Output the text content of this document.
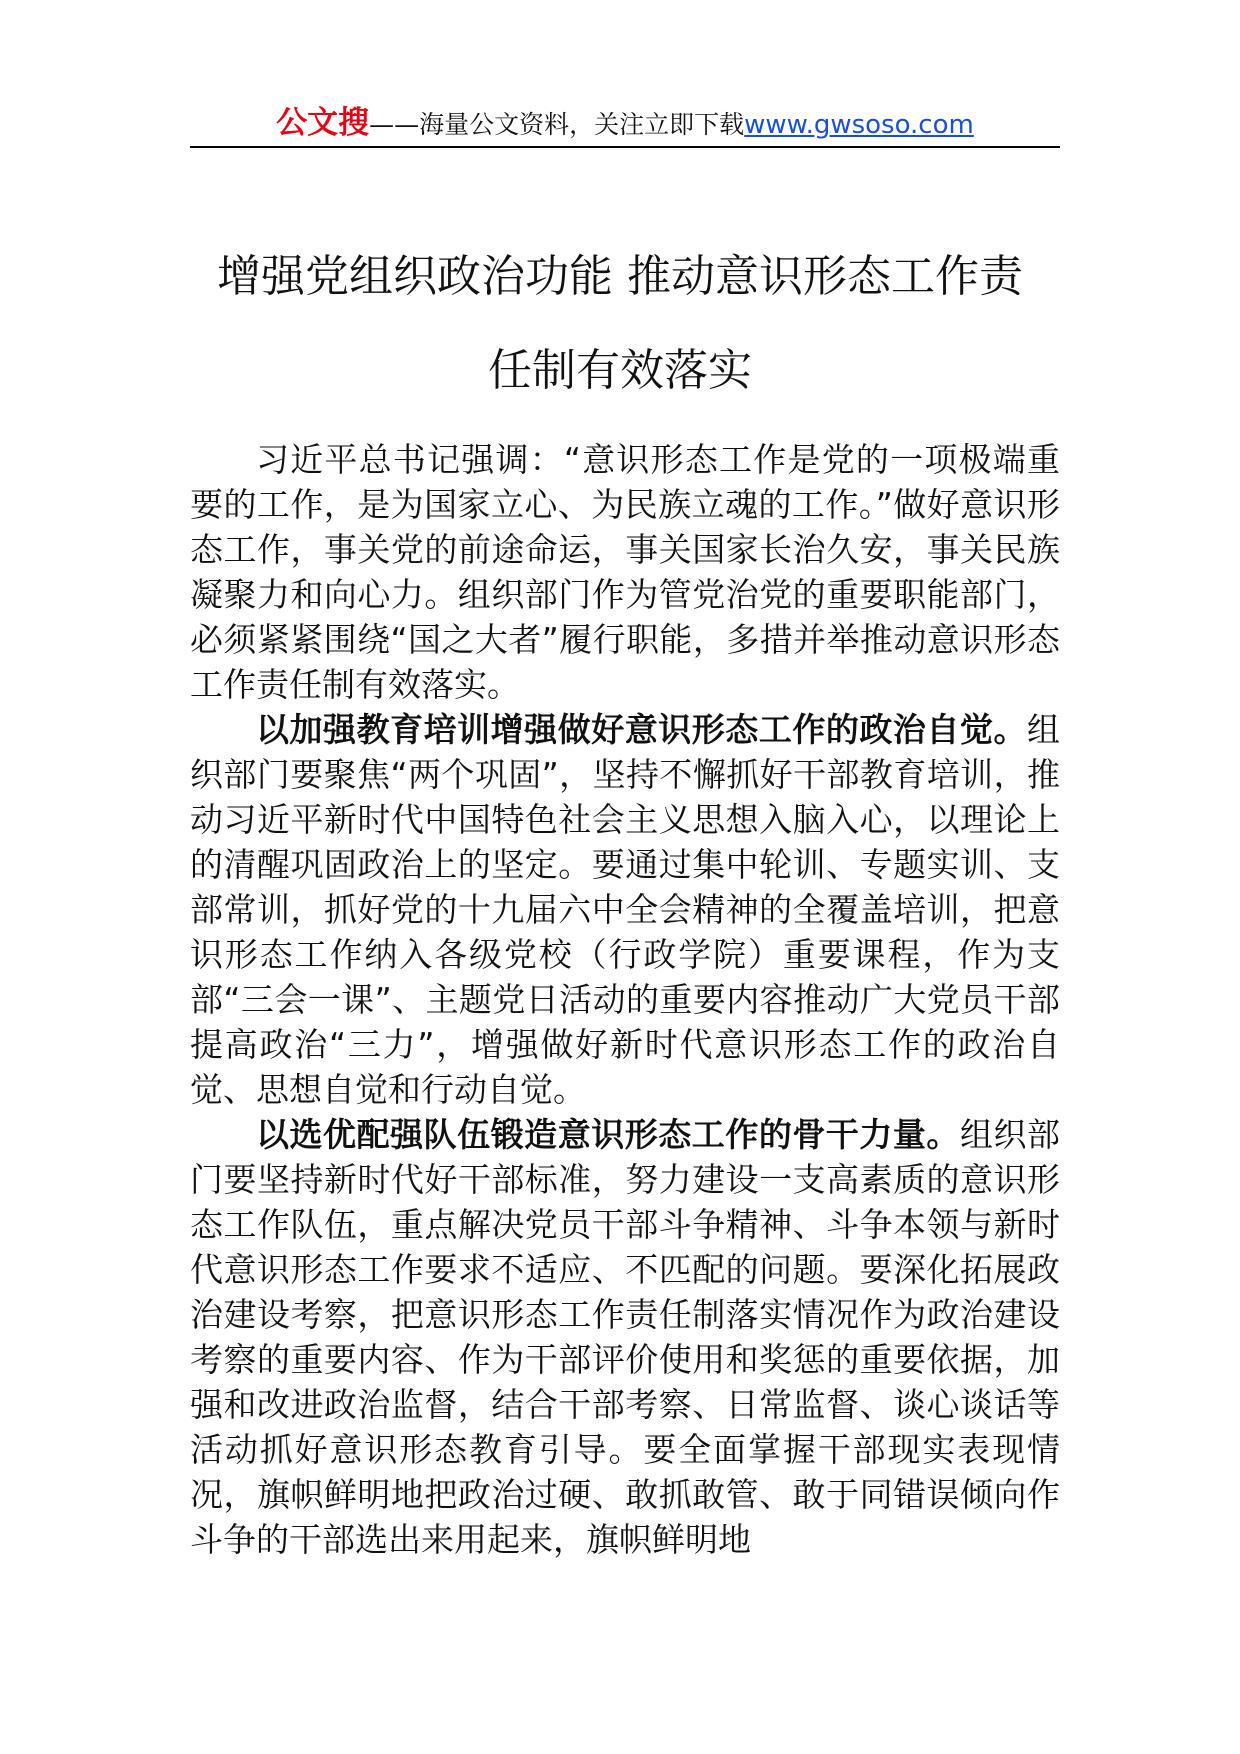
公文搜——海量公文资料，关注立即下载www.gwsoso.com
增强党组织政治功能 推动意识形态工作责
任制有效落实

习近平总书记强调：“意识形态工作是党的一项极端重要的工作，是为国家立心、为民族立魂的工作。”做好意识形态工作，事关党的前途命运，事关国家长治久安，事关民族凝聚力和向心力。组织部门作为管党治党的重要职能部门，必须紧紧围绕“国之大者”履行职能，多措并举推动意识形态工作责任制有效落实。

以加强教育培训增强做好意识形态工作的政治自觉。组织部门要聚焦“两个巩固”，坚持不懈抓好干部教育培训，推动习近平新时代中国特色社会主义思想入脑入心，以理论上的清醒巩固政治上的坚定。要通过集中轮训、专题实训、支部常训，抓好党的十九届六中全会精神的全覆盖培训，把意识形态工作纳入各级党校（行政学院）重要课程，作为支部“三会一课”、主题党日活动的重要内容推动广大党员干部提高政治“三力”，增强做好新时代意识形态工作的政治自觉、思想自觉和行动自觉。

以选优配强队伍锻造意识形态工作的骨干力量。组织部门要坚持新时代好干部标准，努力建设一支高素质的意识形态工作队伍，重点解决党员干部斗争精神、斗争本领与新时代意识形态工作要求不适应、不匹配的问题。要深化拓展政治建设考察，把意识形态工作责任制落实情况作为政治建设考察的重要内容、作为干部评价使用和奖惩的重要依据，加强和改进政治监督，结合干部考察、日常监督、谈心谈话等活动抓好意识形态教育引导。要全面掌握干部现实表现情况，旗帜鲜明地把政治过硬、敢抓敢管、敢于同错误倾向作斗争的干部选出来用起来，旗帜鲜明地
